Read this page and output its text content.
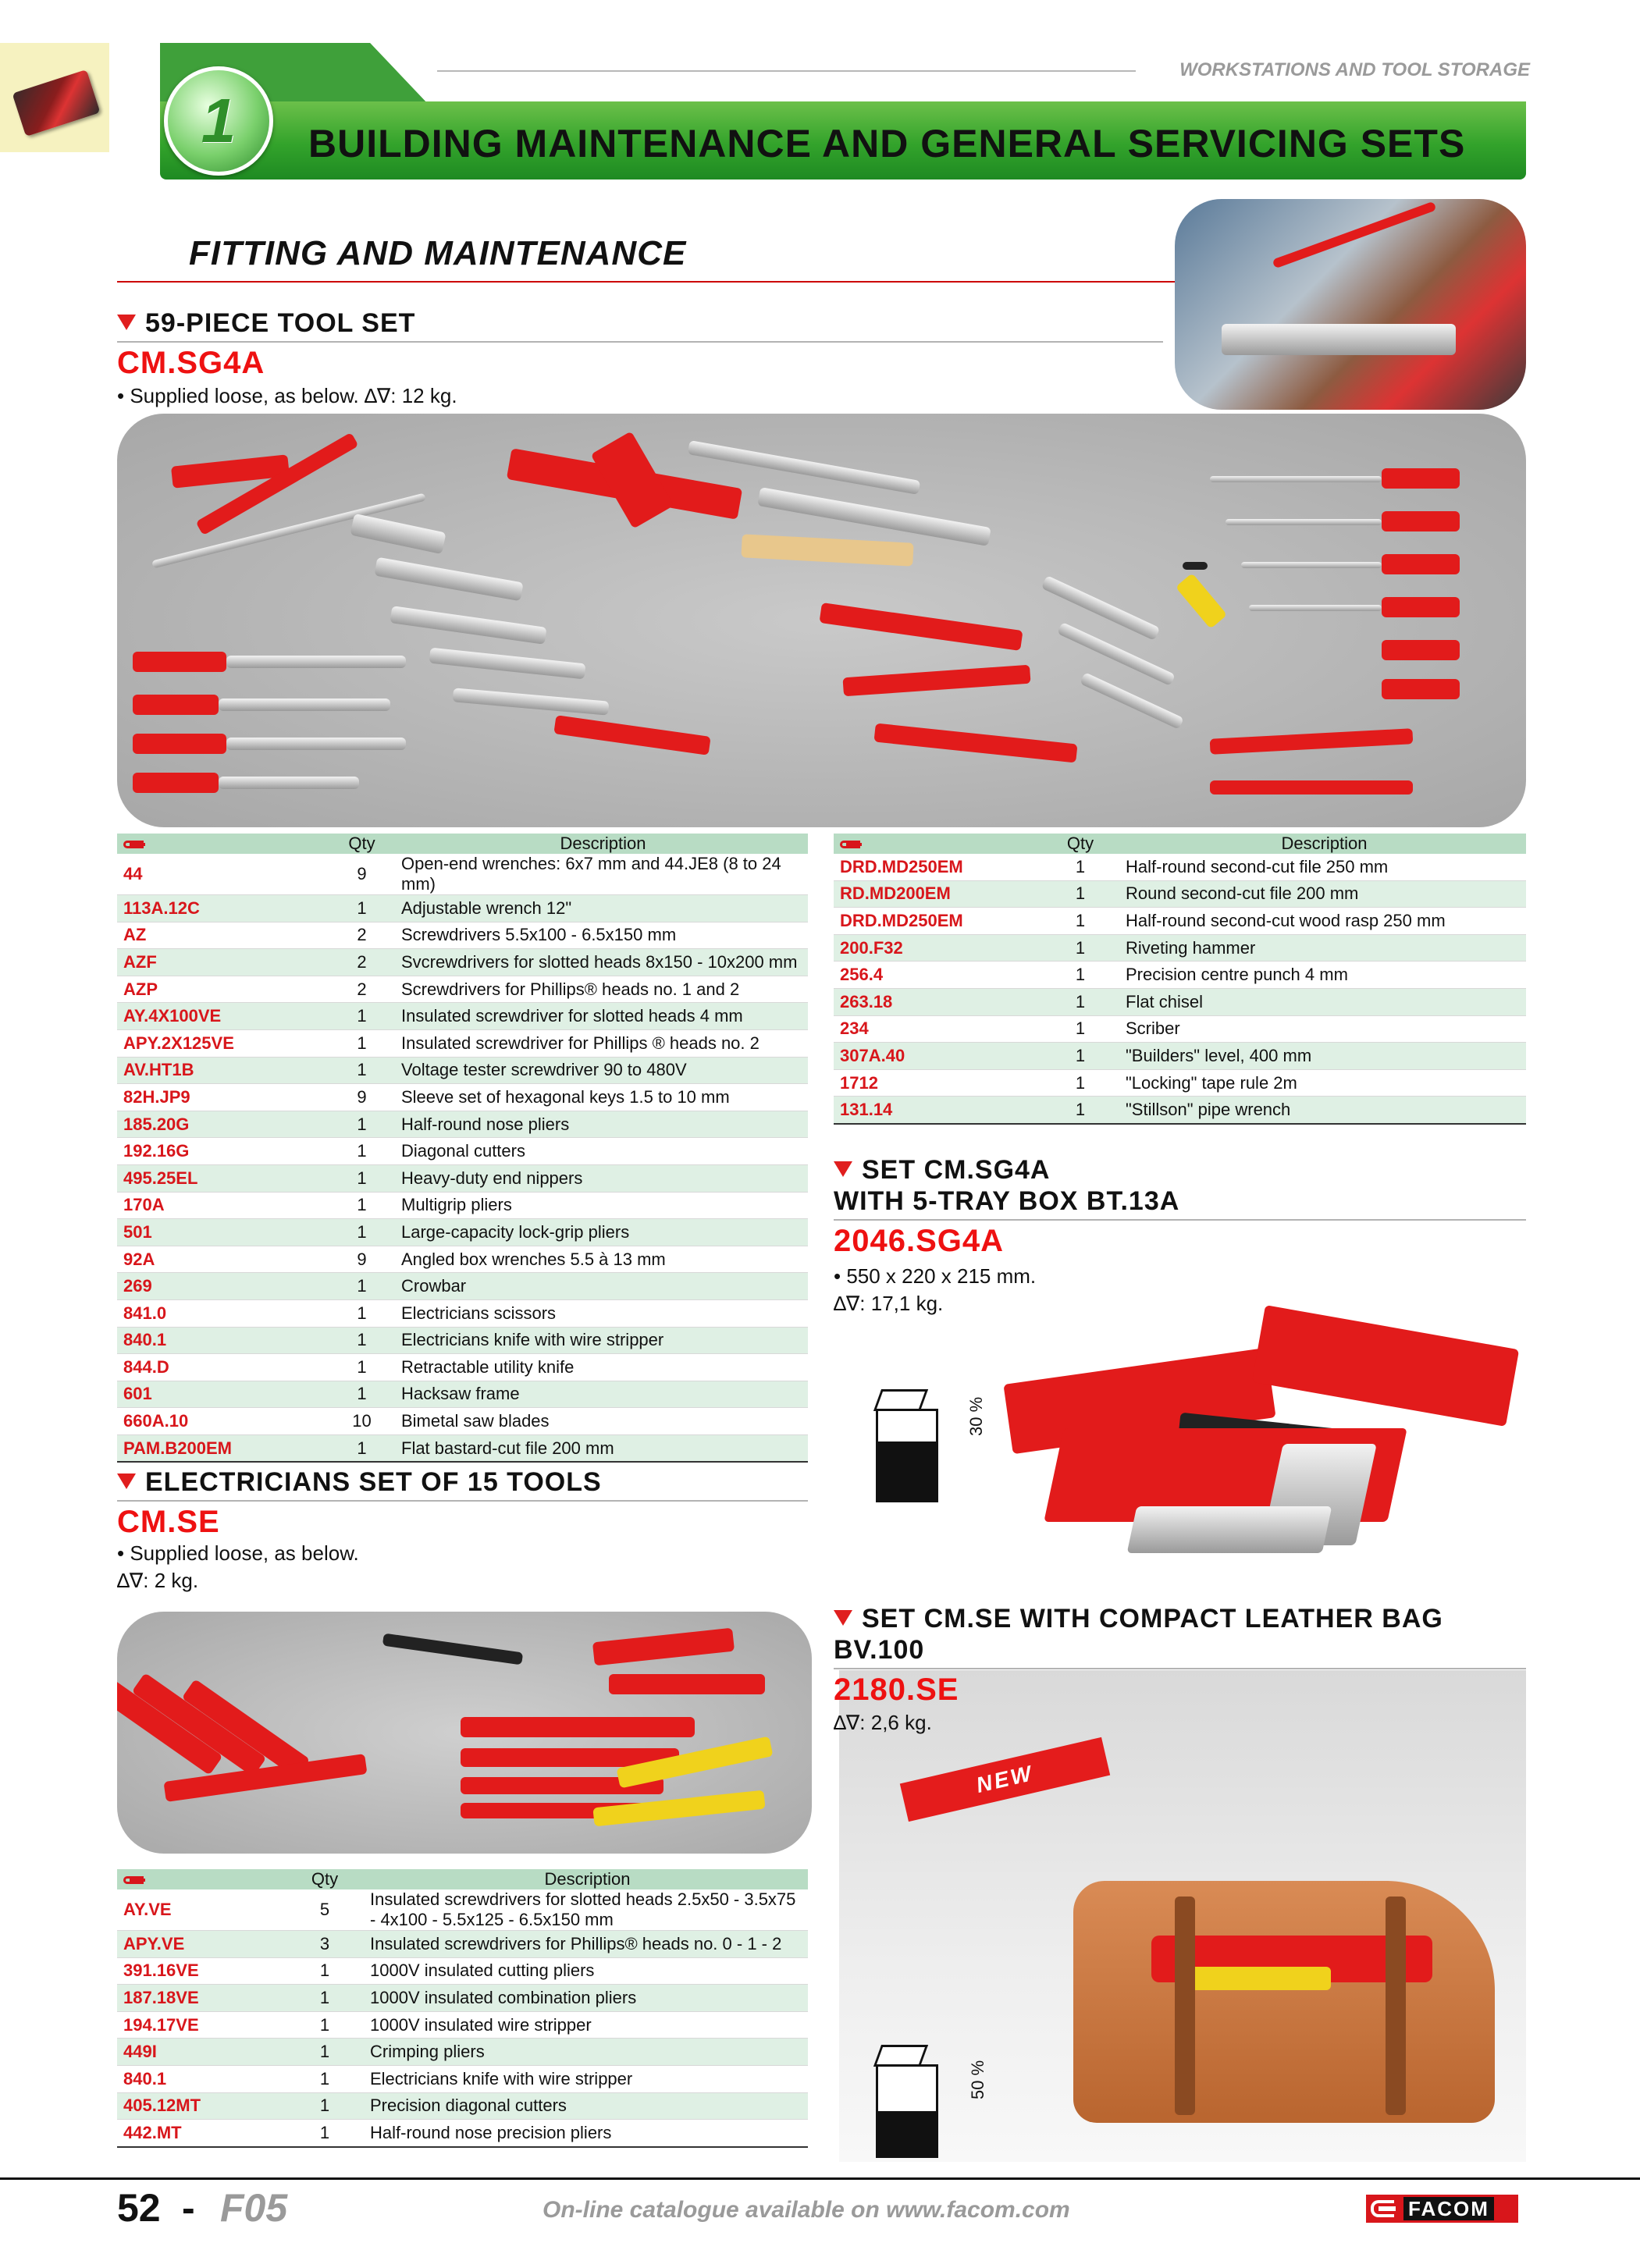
WORKSTATIONS AND TOOL STORAGE
1 BUILDING MAINTENANCE AND GENERAL SERVICING SETS
FITTING AND MAINTENANCE
59-PIECE TOOL SET
CM.SG4A
• Supplied loose, as below. ∆∇: 12 kg.
	Qty	Description
44	9	Open-end wrenches: 6x7 mm and 44.JE8 (8 to 24 mm)
113A.12C	1	Adjustable wrench 12"
AZ	2	Screwdrivers 5.5x100 - 6.5x150 mm
AZF	2	Svcrewdrivers for slotted heads 8x150 - 10x200 mm
AZP	2	Screwdrivers for Phillips® heads no. 1 and 2
AY.4X100VE	1	Insulated screwdriver for slotted heads 4 mm
APY.2X125VE	1	Insulated screwdriver for Phillips ® heads no. 2
AV.HT1B	1	Voltage tester screwdriver 90 to 480V
82H.JP9	9	Sleeve set of hexagonal keys 1.5 to 10 mm
185.20G	1	Half-round nose pliers
192.16G	1	Diagonal cutters
495.25EL	1	Heavy-duty end nippers
170A	1	Multigrip pliers
501	1	Large-capacity lock-grip pliers
92A	9	Angled box wrenches 5.5 à 13 mm
269	1	Crowbar
841.0	1	Electricians scissors
840.1	1	Electricians knife with wire stripper
844.D	1	Retractable utility knife
601	1	Hacksaw frame
660A.10	10	Bimetal saw blades
PAM.B200EM	1	Flat bastard-cut file 200 mm
	Qty	Description
DRD.MD250EM	1	Half-round second-cut file 250 mm
RD.MD200EM	1	Round second-cut file 200 mm
DRD.MD250EM	1	Half-round second-cut wood rasp 250 mm
200.F32	1	Riveting hammer
256.4	1	Precision centre punch 4 mm
263.18	1	Flat chisel
234	1	Scriber
307A.40	1	"Builders" level, 400 mm
1712	1	"Locking" tape rule 2m
131.14	1	"Stillson" pipe wrench
SET CM.SG4A
WITH 5-TRAY BOX BT.13A
2046.SG4A
• 550 x 220 x 215 mm.
∆∇: 17,1 kg.
30 %
ELECTRICIANS SET OF 15 TOOLS
CM.SE
• Supplied loose, as below.
∆∇: 2 kg.
	Qty	Description
AY.VE	5	Insulated screwdrivers for slotted heads 2.5x50 - 3.5x75 - 4x100 - 5.5x125 - 6.5x150 mm
APY.VE	3	Insulated screwdrivers for Phillips® heads no. 0 - 1 - 2
391.16VE	1	1000V insulated cutting pliers
187.18VE	1	1000V insulated combination pliers
194.17VE	1	1000V insulated wire stripper
449I	1	Crimping pliers
840.1	1	Electricians knife with wire stripper
405.12MT	1	Precision diagonal cutters
442.MT	1	Half-round nose precision pliers
SET CM.SE WITH COMPACT LEATHER BAG
BV.100
2180.SE
∆∇: 2,6 kg.
NEW
50 %
52 - F05	On-line catalogue available on www.facom.com	FACOM
